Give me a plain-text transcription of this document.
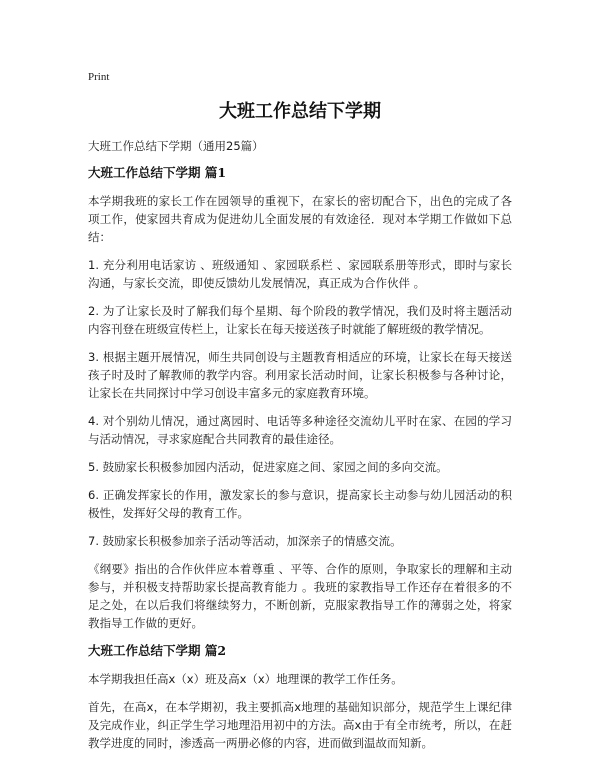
Print
大班工作总结下学期

大班工作总结下学期（通用25篇）

大班工作总结下学期 篇1

本学期我班的家长工作在园领导的重视下，在家长的密切配合下，出色的完成了各项工作，使家园共育成为促进幼儿全面发展的有效途径．现对本学期工作做如下总结：

1. 充分利用电话家访 、班级通知 、家园联系栏 、家园联系册等形式，即时与家长沟通，与家长交流，即使反馈幼儿发展情况，真正成为合作伙伴 。

2. 为了让家长及时了解我们每个星期、每个阶段的教学情况，我们及时将主题活动内容刊登在班级宣传栏上，让家长在每天接送孩子时就能了解班级的教学情况。

3. 根据主题开展情况，师生共同创设与主题教育相适应的环境，让家长在每天接送孩子时及时了解教师的教学内容。利用家长活动时间，让家长积极参与各种讨论，让家长在共同探讨中学习创设丰富多元的家庭教育环境。

4. 对个别幼儿情况，通过离园时、电话等多种途径交流幼儿平时在家、在园的学习与活动情况，寻求家庭配合共同教育的最佳途径。

5. 鼓励家长积极参加园内活动，促进家庭之间、家园之间的多向交流。

6. 正确发挥家长的作用，激发家长的参与意识，提高家长主动参与幼儿园活动的积极性，发挥好父母的教育工作。

7. 鼓励家长积极参加亲子活动等活动，加深亲子的情感交流。

《纲要》指出的合作伙伴应本着尊重 、平等、合作的原则，争取家长的理解和主动参与，并积极支持帮助家长提高教育能力 。我班的家教指导工作还存在着很多的不足之处，在以后我们将继续努力，不断创新，克服家教指导工作的薄弱之处，将家教指导工作做的更好。

大班工作总结下学期 篇2

本学期我担任高x（x）班及高x（x）地理课的教学工作任务。

首先，在高x，在本学期初，我主要抓高x地理的基础知识部分，规范学生上课纪律及完成作业，纠正学生学习地理沿用初中的方法。高x由于有全市统考，所以，在赶教学进度的同时，渗透高一两册必修的内容，进而做到温故而知新。
